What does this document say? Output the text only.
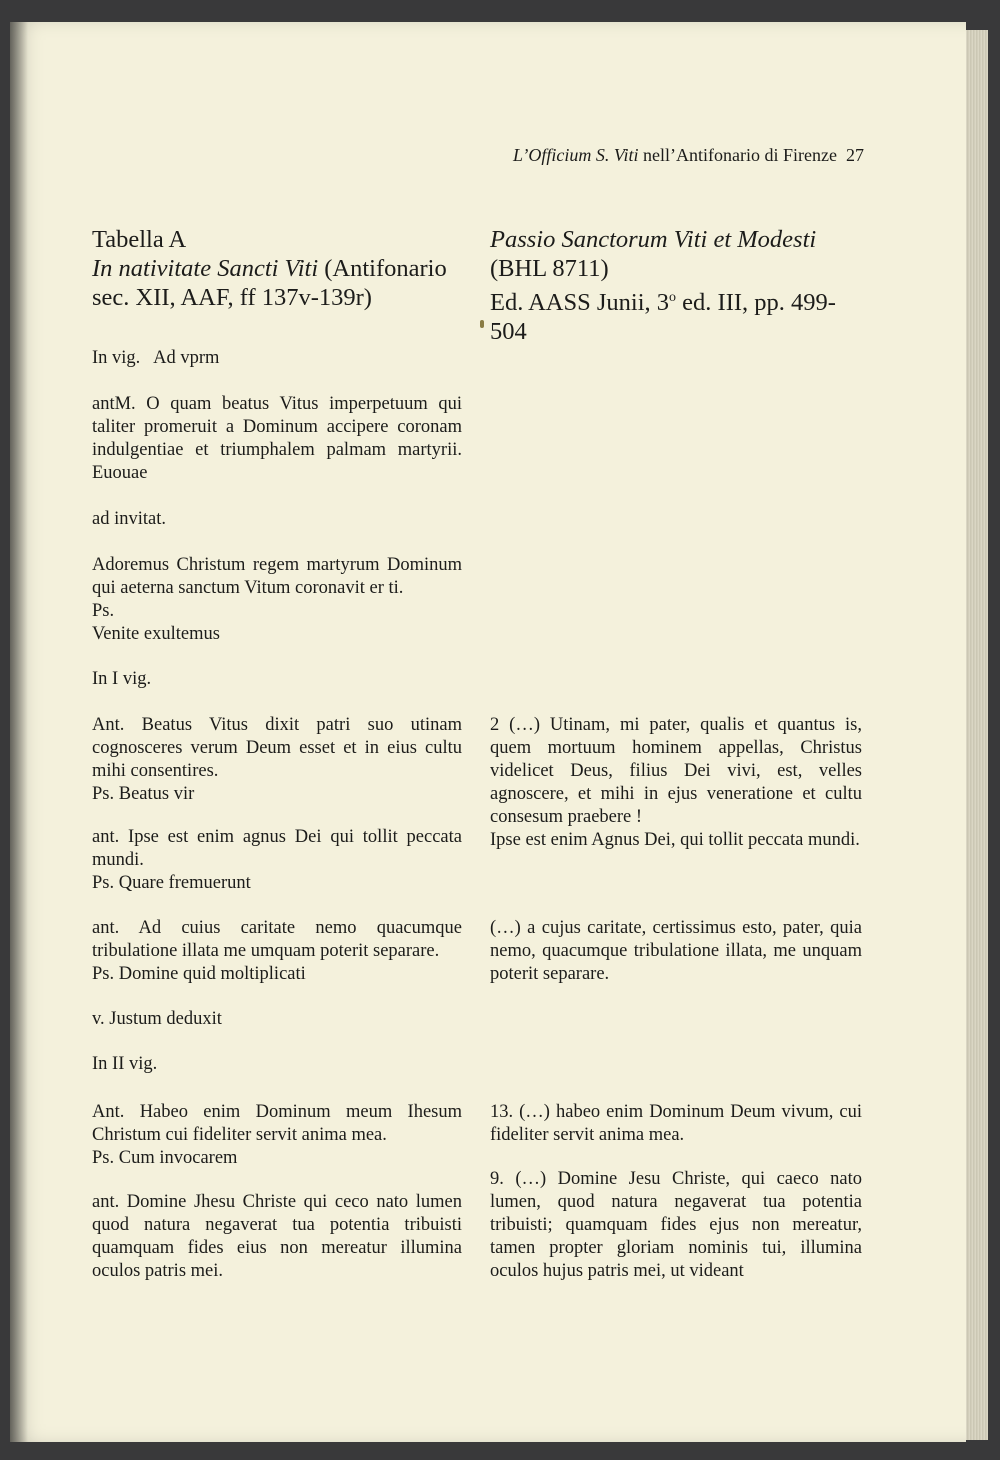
L’Officium S. Viti nell’Antifonario di Firenze 27
Tabella A
In nativitate Sancti Viti (Antifonario
sec. XII, AAF, ff 137v-139r)
In vig.   Ad vprm
antM. O quam beatus Vitus imperpetuum qui taliter promeruit a Dominum accipere coronam indulgentiae et triumphalem palmam martyrii. Euouae
ad invitat.
Adoremus Christum regem martyrum Dominum qui aeterna sanctum Vitum coronavit er ti.
Ps.
Venite exultemus
In I vig.
Ant. Beatus Vitus dixit patri suo utinam cognosceres verum Deum esset et in eius cultu mihi consentires.
Ps. Beatus vir
ant. Ipse est enim agnus Dei qui tollit peccata mundi.
Ps. Quare fremuerunt
ant. Ad cuius caritate nemo quacumque tribulatione illata me umquam poterit separare.
Ps. Domine quid moltiplicati
v. Justum deduxit
In II vig.
Ant. Habeo enim Dominum meum Ihesum Christum cui fideliter servit anima mea.
Ps. Cum invocarem
ant. Domine Jhesu Christe qui ceco nato lumen quod natura negaverat tua potentia tribuisti quamquam fides eius non mereatur illumina oculos patris mei.
Passio Sanctorum Viti et Modesti
(BHL 8711)
Ed. AASS Junii, 3$^o$ ed. III, pp. 499-504
2 (…) Utinam, mi pater, qualis et quantus is, quem mortuum hominem appellas, Christus videlicet Deus, filius Dei vivi, est, velles agnoscere, et mihi in ejus veneratione et cultu consesum praebere !
Ipse est enim Agnus Dei, qui tollit peccata mundi.
(…) a cujus caritate, certissimus esto, pater, quia nemo, quacumque tribulatione illata, me unquam poterit separare.
13. (…) habeo enim Dominum Deum vivum, cui fideliter servit anima mea.
9. (…) Domine Jesu Christe, qui caeco nato lumen, quod natura negaverat tua potentia tribuisti; quamquam fides ejus non mereatur, tamen propter gloriam nominis tui, illumina oculos hujus patris mei, ut videant
